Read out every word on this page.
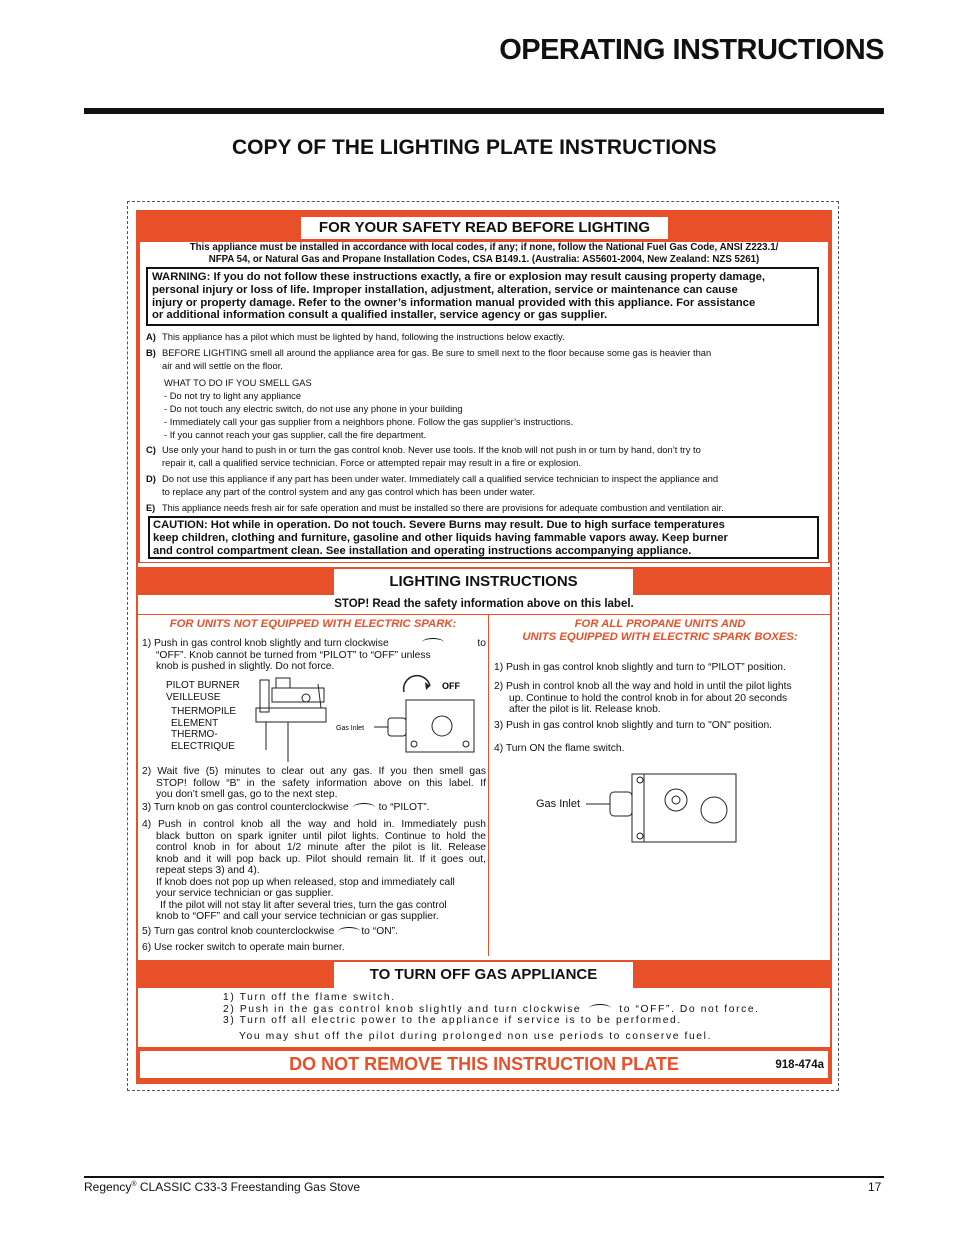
OPERATING INSTRUCTIONS
COPY OF THE LIGHTING PLATE INSTRUCTIONS
FOR YOUR SAFETY READ BEFORE LIGHTING
This appliance must be installed in accordance with local codes, if any; if none, follow the National Fuel Gas Code, ANSI Z223.1/
NFPA 54, or Natural Gas and Propane Installation Codes, CSA B149.1. (Australia: AS5601-2004, New Zealand: NZS 5261)
WARNING: If you do not follow these instructions exactly, a fire or explosion may result causing property damage,
personal injury or loss of life. Improper installation, adjustment, alteration, service or maintenance can cause
injury or property damage. Refer to the owner’s information manual provided with this appliance. For assistance
or additional information consult a qualified installer, service agency or gas supplier.
A) This appliance has a pilot which must be lighted by hand, following the instructions below exactly.
B) BEFORE LIGHTING smell all around the appliance area for gas. Be sure to smell next to the floor because some gas is heavier than
air and will settle on the floor.
WHAT TO DO IF YOU SMELL GAS
- Do not try to light any appliance
- Do not touch any electric switch, do not use any phone in your building
- Immediately call your gas supplier from a neighbors phone. Follow the gas supplier’s instructions.
- If you cannot reach your gas supplier, call the fire department.
C) Use only your hand to push in or turn the gas control knob. Never use tools. If the knob will not push in or turn by hand, don’t try to
repair it, call a qualified service technician. Force or attempted repair may result in a fire or explosion.
D) Do not use this appliance if any part has been under water. Immediately call a qualified service technician to inspect the appliance and
to replace any part of the control system and any gas control which has been under water.
E) This appliance needs fresh air for safe operation and must be installed so there are provisions for adequate combustion and ventilation air.
CAUTION: Hot while in operation. Do not touch. Severe Burns may result. Due to high surface temperatures
keep children, clothing and furniture, gasoline and other liquids having fammable vapors away. Keep burner
and control compartment clean. See installation and operating instructions accompanying appliance.
LIGHTING INSTRUCTIONS
STOP! Read the safety information above on this label.
FOR UNITS NOT EQUIPPED WITH ELECTRIC SPARK:
1) Push in gas control knob slightly and turn clockwise	to
“OFF”. Knob cannot be turned from “PILOT” to “OFF” unless
knob is pushed in slightly. Do not force.
PILOT BURNER
VEILLEUSE
THERMOPILE
ELEMENT
THERMO-
ELECTRIQUE
OFF
Gas Inlet
2) Wait five (5) minutes to clear out any gas. If you then smell gas
STOP! follow “B” in the safety information above on this label. If
you don’t smell gas, go to the next step.
3) Turn knob on gas control counterclockwise	to “PILOT”.
4) Push in control knob all the way and hold in. Immediately push
black button on spark igniter until pilot lights. Continue to hold the
control knob in for about 1/2 minute after the pilot is lit. Release
knob and it will pop back up. Pilot should remain lit. If it goes out,
repeat steps 3) and 4).
If knob does not pop up when released, stop and immediately call
your service technician or gas supplier.
If the pilot will not stay lit after several tries, turn the gas control
knob to “OFF” and call your service technician or gas supplier.
5) Turn gas control knob counterclockwise	to “ON”.
6) Use rocker switch to operate main burner.
FOR ALL PROPANE UNITS AND
UNITS EQUIPPED WITH ELECTRIC SPARK BOXES:
1) Push in gas control knob slightly and turn to “PILOT” position.
2) Push in control knob all the way and hold in until the pilot lights
up. Continue to hold the control knob in for about 20 seconds
after the pilot is lit. Release knob.
3) Push in gas control knob slightly and turn to "ON" position.
4) Turn ON the flame switch.
Gas Inlet
TO TURN OFF GAS APPLIANCE
1) Turn off the flame switch.
2) Push in the gas control knob slightly and turn clockwise	to “OFF”. Do not force.
3) Turn off all electric power to the appliance if service is to be performed.
You may shut off the pilot during prolonged non use periods to conserve fuel.
DO NOT REMOVE THIS INSTRUCTION PLATE	918-474a
Regency® CLASSIC C33-3 Freestanding Gas Stove	17
